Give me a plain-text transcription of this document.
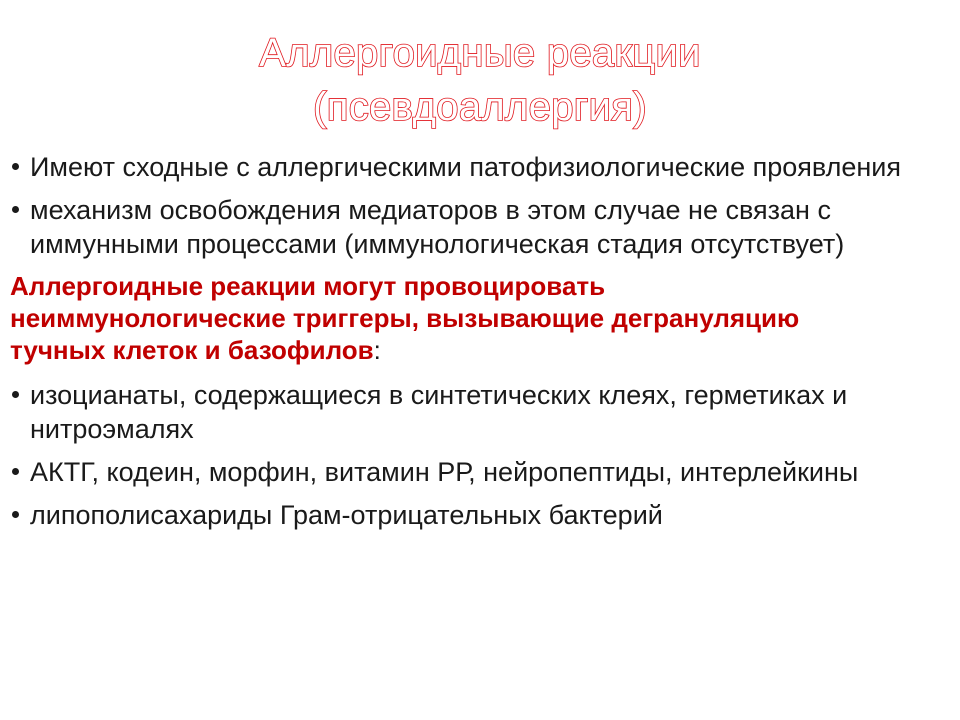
Аллергоидные реакции
(псевдоаллергия)
Имеют сходные с аллергическими патофизиологические проявления
механизм освобождения медиаторов в этом случае не связан с иммунными процессами (иммунологическая стадия отсутствует)
Аллергоидные реакции могут провоцировать неиммунологические триггеры, вызывающие дегрануляцию тучных клеток и базофилов:
изоцианаты, содержащиеся в синтетических клеях, герметиках и нитроэмалях
АКТГ, кодеин, морфин, витамин РР, нейропептиды, интерлейкины
липополисахариды Грам-отрицательных бактерий
